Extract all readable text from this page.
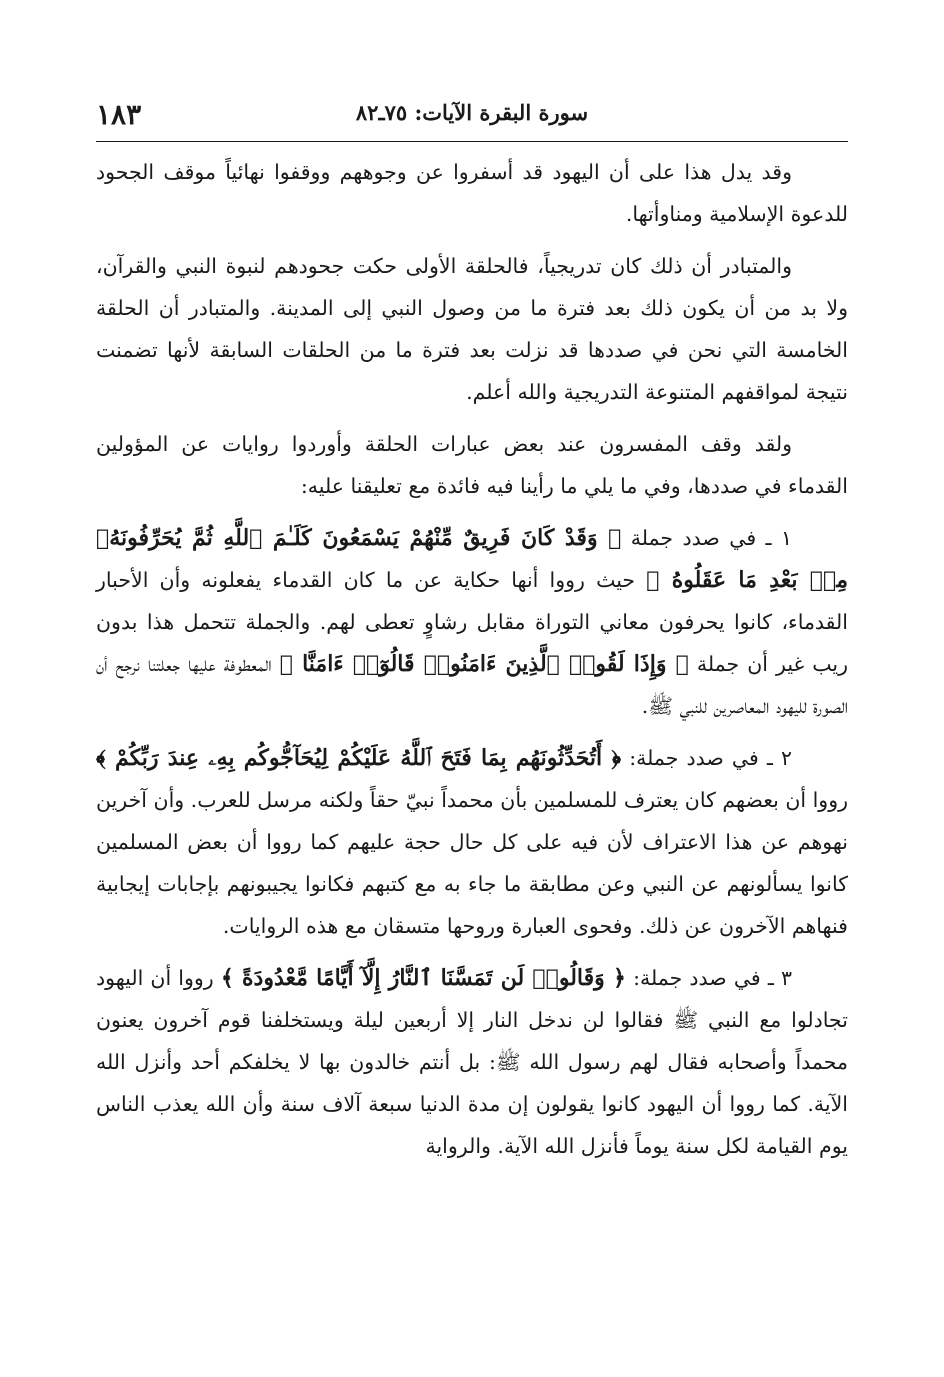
١٨٣	سورة البقرة الآيات: ٧٥ـ٨٢

وقد يدل هذا على أن اليهود قد أسفروا عن وجوههم ووقفوا نهائياً موقف الجحود للدعوة الإسلامية ومناوأتها.

والمتبادر أن ذلك كان تدريجياً، فالحلقة الأولى حكت جحودهم لنبوة النبي والقرآن، ولا بد من أن يكون ذلك بعد فترة ما من وصول النبي إلى المدينة. والمتبادر أن الحلقة الخامسة التي نحن في صددها قد نزلت بعد فترة ما من الحلقات السابقة لأنها تضمنت نتيجة لمواقفهم المتنوعة التدريجية والله أعلم.

ولقد وقف المفسرون عند بعض عبارات الحلقة وأوردوا روايات عن المؤولين القدماء في صددها، وفي ما يلي ما رأينا فيه فائدة مع تعليقنا عليه:

١ ـ في صدد جملة ﴿ وَقَدْ كَانَ فَرِيقٌ مِّنْهُمْ يَسْمَعُونَ كَلَـٰمَ ٱللَّهِ ثُمَّ يُحَرِّفُونَهُۥ مِنۢ بَعْدِ مَا عَقَلُوهُ ﴾ حيث رووا أنها حكاية عن ما كان القدماء يفعلونه وأن الأحبار القدماء، كانوا يحرفون معاني التوراة مقابل رشاوٍ تعطى لهم. والجملة تتحمل هذا بدون ريب غير أن جملة ﴿ وَإِذَا لَقُوا۟ ٱلَّذِينَ ءَامَنُوا۟ قَالُوٓا۟ ءَامَنَّا ﴾ المعطوفة عليها جعلتنا نرجح أن الصورة لليهود المعاصرين للنبي ﷺ.

٢ ـ في صدد جملة: ﴿ أَتُحَدِّثُونَهُم بِمَا فَتَحَ ٱللَّهُ عَلَيْكُمْ لِيُحَآجُّوكُم بِهِۦ عِندَ رَبِّكُمْ ﴾ رووا أن بعضهم كان يعترف للمسلمين بأن محمداً نبيّ حقاً ولكنه مرسل للعرب. وأن آخرين نهوهم عن هذا الاعتراف لأن فيه على كل حال حجة عليهم كما رووا أن بعض المسلمين كانوا يسألونهم عن النبي وعن مطابقة ما جاء به مع كتبهم فكانوا يجيبونهم بإجابات إيجابية فنهاهم الآخرون عن ذلك. وفحوى العبارة وروحها متسقان مع هذه الروايات.

٣ ـ في صدد جملة: ﴿ وَقَالُوا۟ لَن تَمَسَّنَا ٱلنَّارُ إِلَّآ أَيَّامًا مَّعْدُودَةً ﴾ رووا أن اليهود تجادلوا مع النبي ﷺ فقالوا لن ندخل النار إلا أربعين ليلة ويستخلفنا قوم آخرون يعنون محمداً وأصحابه فقال لهم رسول الله ﷺ: بل أنتم خالدون بها لا يخلفكم أحد وأنزل الله الآية. كما رووا أن اليهود كانوا يقولون إن مدة الدنيا سبعة آلاف سنة وأن الله يعذب الناس يوم القيامة لكل سنة يوماً فأنزل الله الآية. والرواية
